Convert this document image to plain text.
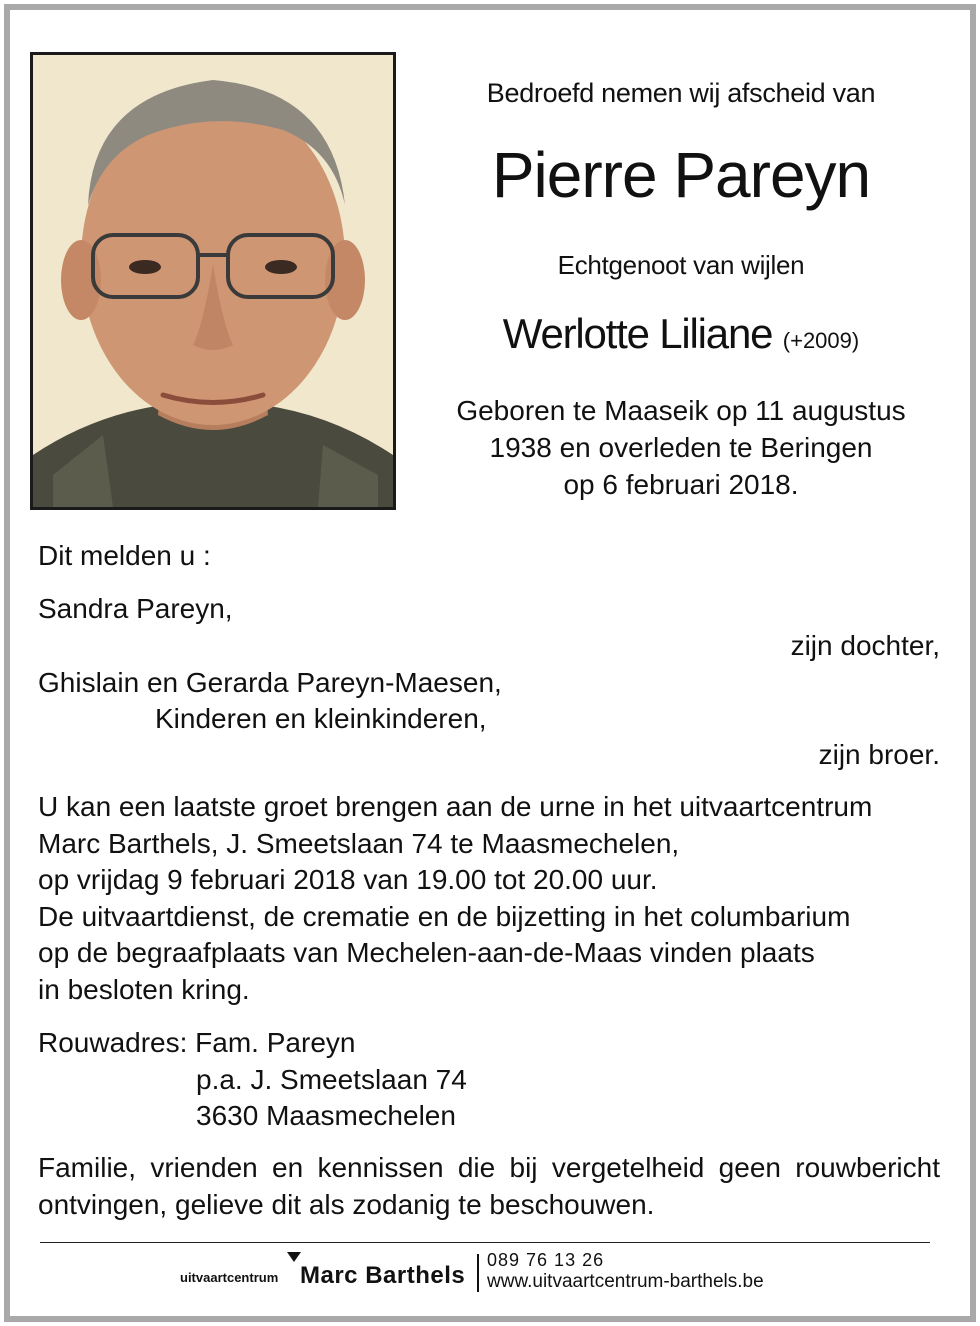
Bedroefd nemen wij afscheid van
Pierre Pareyn
Echtgenoot van wijlen
Werlotte Liliane (+2009)
Geboren te Maaseik op 11 augustus
1938 en overleden te Beringen
op 6 februari 2018.
Dit melden u :
Sandra Pareyn,
zijn dochter,
Ghislain en Gerarda Pareyn-Maesen,
Kinderen en kleinkinderen,
zijn broer.
U kan een laatste groet brengen aan de urne in het uitvaartcentrum
Marc Barthels, J. Smeetslaan 74 te Maasmechelen,
op vrijdag 9 februari 2018 van 19.00 tot 20.00 uur.
De uitvaartdienst, de crematie en de bijzetting in het columbarium
op de begraafplaats van Mechelen-aan-de-Maas vinden plaats
in besloten kring.
Rouwadres: Fam. Pareyn
p.a. J. Smeetslaan 74
3630 Maasmechelen
Familie, vrienden en kennissen die bij vergetelheid geen rouwbericht
ontvingen, gelieve dit als zodanig te beschouwen.
uitvaartcentrum Marc Barthels
089 76 13 26
www.uitvaartcentrum-barthels.be
